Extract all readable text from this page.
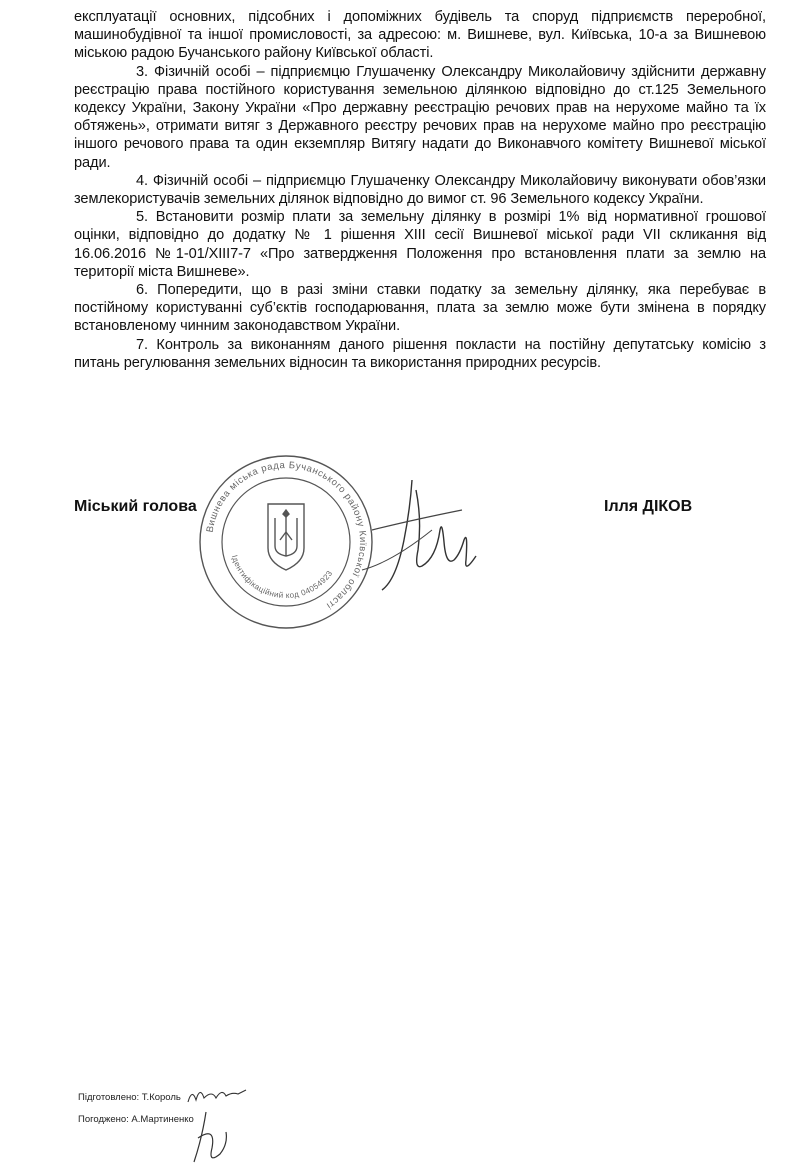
експлуатації основних, підсобних і допоміжних будівель та споруд підприємств переробної, машинобудівної та іншої промисловості, за адресою: м. Вишневе, вул. Київська, 10-а за Вишневою міською радою Бучанського району Київської області.

3. Фізичній особі – підприємцю Глушаченку Олександру Миколайовичу здійснити державну реєстрацію права постійного користування земельною ділянкою відповідно до ст.125 Земельного кодексу України, Закону України «Про державну реєстрацію речових прав на нерухоме майно та їх обтяжень», отримати витяг з Державного реєстру речових прав на нерухоме майно про реєстрацію іншого речового права та один екземпляр Витягу надати до Виконавчого комітету Вишневої міської ради.

4. Фізичній особі – підприємцю Глушаченку Олександру Миколайовичу виконувати обов’язки землекористувачів земельних ділянок відповідно до вимог ст. 96 Земельного кодексу України.

5. Встановити розмір плати за земельну ділянку в розмірі 1% від нормативної грошової оцінки, відповідно до додатку № 1 рішення ХІІІ сесії Вишневої міської ради VII скликання від 16.06.2016 №1-01/ХІІІ7-7 «Про затвердження Положення про встановлення плати за землю на території міста Вишневе».

6. Попередити, що в разі зміни ставки податку за земельну ділянку, яка перебуває в постійному користуванні суб’єктів господарювання, плата за землю може бути змінена в порядку встановленому чинним законодавством України.

7. Контроль за виконанням даного рішення покласти на постійну депутатську комісію з питань регулювання земельних відносин та використання природних ресурсів.

Вишнева міська рада Бучанського району Київської області
Ідентифікаційний код 04054923
Міський голова	Ілля ДІКОВ
Підготовлено: Т.Король
Погоджено: А.Мартиненко
